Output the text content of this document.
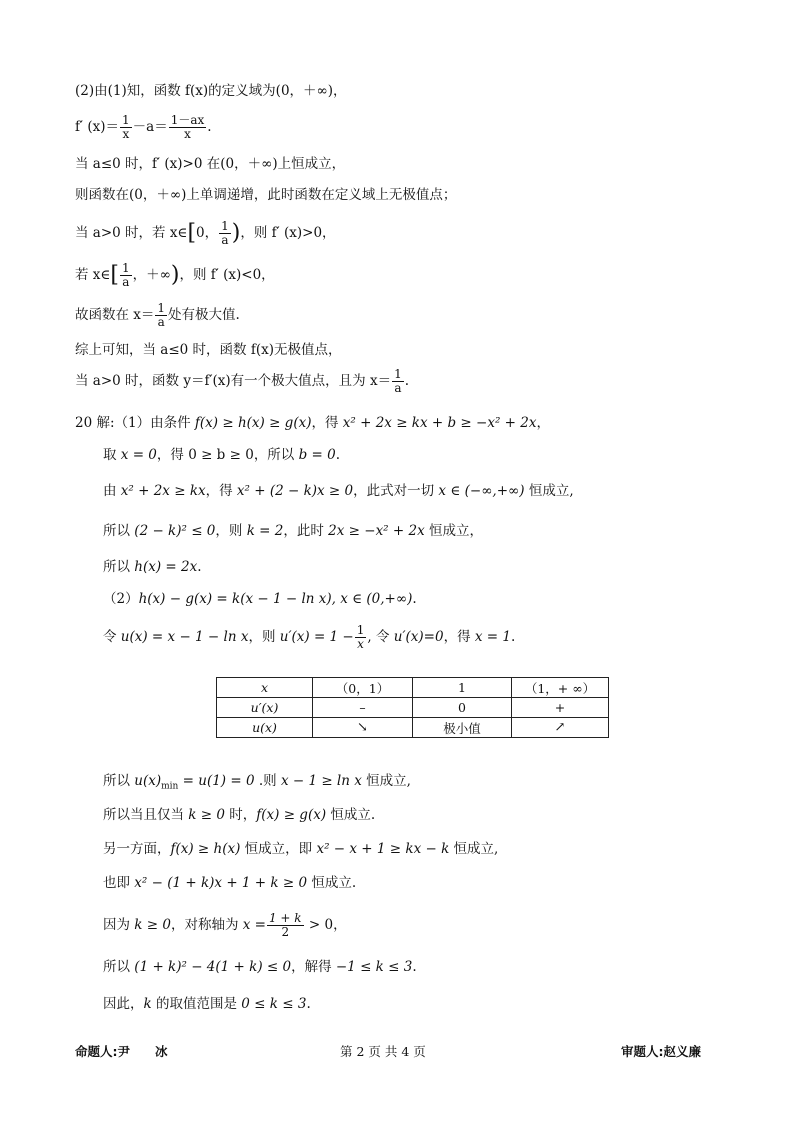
(2)由(1)知，函数 f(x)的定义域为(0，＋∞)，
f′ $(x)= \frac{1}{x} -a= \frac{1-ax}{x}$ .
当 a≤0 时，f′ (x)>0 在(0，＋∞)上恒成立，
则函数在(0，＋∞)上单调递增，此时函数在定义域上无极值点；
当 a>0 时，若 x∈[0， $\frac{1}{a}$ )，则 f′ (x)>0，
若 x∈[ $\frac{1}{a}$ ，＋∞)，则 f′ (x)<0，
故函数在 $x= \frac{1}{a}$ 处有极大值.
综上可知，当 a≤0 时，函数 f(x)无极值点，
当 a>0 时，函数 y＝f′(x)有一个极大值点，且为 $x= \frac{1}{a}$ .
20 解:（1）由条件 f(x) ≥ h(x) ≥ g(x)，得 x² + 2x ≥ kx + b ≥ −x² + 2x，
取 x = 0，得 0 ≥ b ≥ 0，所以 b = 0.
由 x² + 2x ≥ kx，得 x² + (2 − k)x ≥ 0，此式对一切 x ∈ (−∞,+∞) 恒成立,
所以 (2 − k)² ≤ 0，则 k = 2，此时 2x ≥ −x² + 2x 恒成立，
所以 h(x) = 2x.
（2）h(x) − g(x) = k(x − 1 − ln x), x ∈ (0,+∞).
令 u(x) = x − 1 − ln x，则 $u'(x) = 1 - \frac{1}{x}$ , 令 u′(x)=0，得 x = 1.
x	（0，1）	1	（1，+ ∞）
u′(x)	–	0	+
u(x)	↘	极小值	↗
所以 $u(x)_{min} = u(1) = 0$ .则 x − 1 ≥ ln x 恒成立,
所以当且仅当 k ≥ 0 时，f(x) ≥ g(x) 恒成立.
另一方面，f(x) ≥ h(x) 恒成立，即 x² − x + 1 ≥ kx − k 恒成立,
也即 x² − (1 + k)x + 1 + k ≥ 0 恒成立.
因为 k ≥ 0，对称轴为 $x = \frac{1 + k}{2} > 0$，
所以 (1 + k)² − 4(1 + k) ≤ 0，解得 −1 ≤ k ≤ 3.
因此，k 的取值范围是 0 ≤ k ≤ 3.
命题人:尹　　冰	第 2 页 共 4 页	审题人:赵义廉
